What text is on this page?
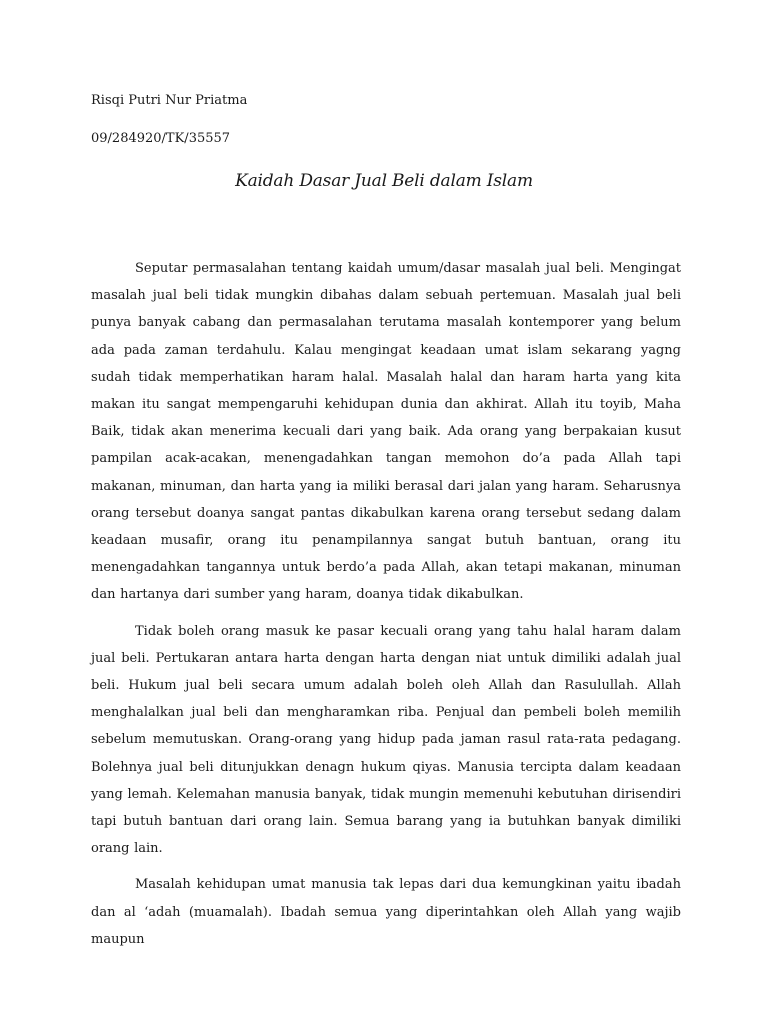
Risqi Putri Nur Priatma

09/284920/TK/35557

Kaidah Dasar Jual Beli dalam Islam

Seputar permasalahan tentang kaidah umum/dasar masalah jual beli. Mengingat masalah jual beli tidak mungkin dibahas dalam sebuah pertemuan. Masalah jual beli punya banyak cabang dan permasalahan terutama masalah kontemporer yang belum ada pada zaman terdahulu. Kalau mengingat keadaan umat islam sekarang yagng sudah tidak memperhatikan haram halal. Masalah halal dan haram harta yang kita makan itu sangat mempengaruhi kehidupan dunia dan akhirat. Allah itu toyib, Maha Baik, tidak akan menerima kecuali dari yang baik. Ada orang yang berpakaian kusut pampilan acak-acakan, menengadahkan tangan memohon do’a pada Allah tapi makanan, minuman, dan harta yang ia miliki berasal dari jalan yang haram. Seharusnya orang tersebut doanya sangat pantas dikabulkan karena orang tersebut sedang dalam keadaan musafir, orang itu penampilannya sangat butuh bantuan, orang itu menengadahkan tangannya untuk berdo’a pada Allah, akan tetapi makanan, minuman dan hartanya dari sumber yang haram, doanya tidak dikabulkan.

Tidak boleh orang masuk ke pasar kecuali orang yang tahu halal haram dalam jual beli. Pertukaran antara harta dengan harta dengan niat untuk dimiliki adalah jual beli. Hukum jual beli secara umum adalah boleh oleh Allah dan Rasulullah. Allah menghalalkan jual beli dan mengharamkan riba. Penjual dan pembeli boleh memilih sebelum memutuskan. Orang-orang yang hidup pada jaman rasul rata-rata pedagang. Bolehnya jual beli ditunjukkan denagn hukum qiyas. Manusia tercipta dalam keadaan yang lemah. Kelemahan manusia banyak, tidak mungin memenuhi kebutuhan dirisendiri tapi butuh bantuan dari orang lain. Semua barang yang ia butuhkan banyak dimiliki orang lain.

Masalah kehidupan umat manusia tak lepas dari dua kemungkinan yaitu ibadah dan al ‘adah (muamalah). Ibadah semua yang diperintahkan oleh Allah yang wajib maupun
